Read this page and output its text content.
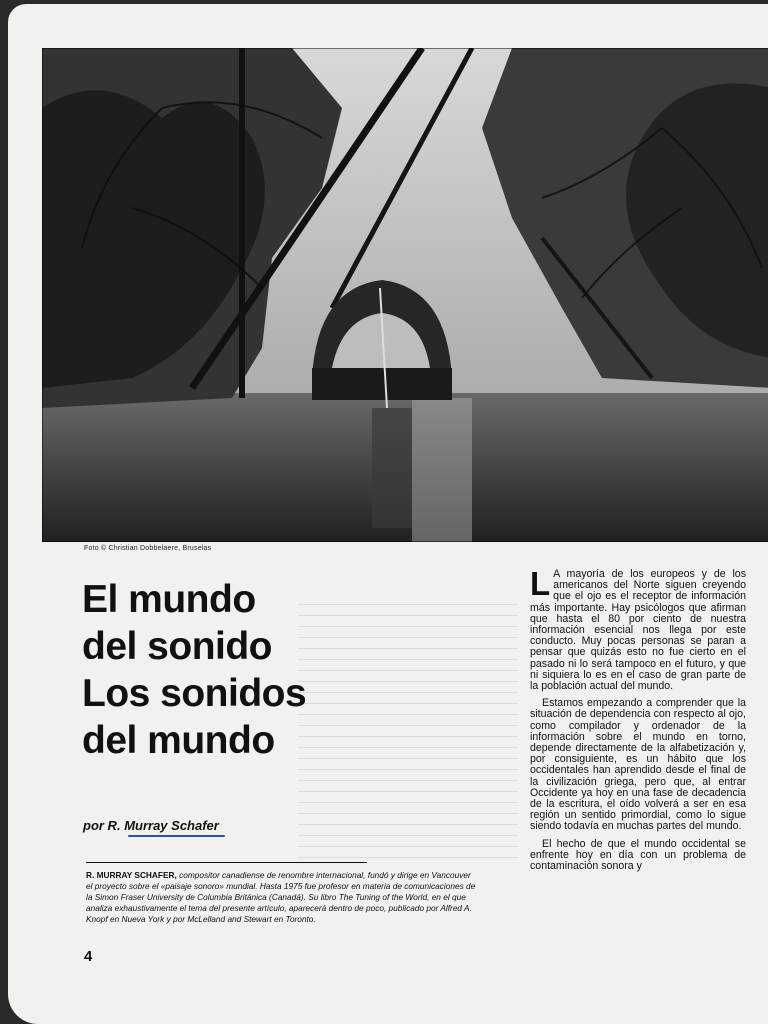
Foto © Christian Dobbelaere, Bruselas
El mundo
del sonido
Los sonidos
del mundo
por R. Murray Schafer
R. MURRAY SCHAFER, compositor canadiense de renombre internacional, fundó y dirige en Vancouver el proyecto sobre el «paisaje sonoro» mundial. Hasta 1975 fue profesor en materia de comunicaciones de la Simon Fraser University de Columbia Británica (Canadá). Su libro The Tuning of the World, en el que analiza exhaustivamente el tema del presente artículo, aparecerá dentro de poco, publicado por Alfred A. Knopf en Nueva York y por McLelland and Stewart en Toronto.
4

L A mayoría de los europeos y de los americanos del Norte siguen creyendo que el ojo es el receptor de información más importante. Hay psicólogos que afirman que hasta el 80 por ciento de nuestra información esencial nos llega por este conducto. Muy pocas personas se paran a pensar que quizás esto no fue cierto en el pasado ni lo será tampoco en el futuro, y que ni siquiera lo es en el caso de gran parte de la población actual del mundo.

Estamos empezando a comprender que la situación de dependencia con respecto al ojo, como compilador y ordenador de la información sobre el mundo en torno, depende directamente de la alfabetización y, por consiguiente, es un hábito que los occidentales han aprendido desde el final de la civilización griega, pero que, al entrar Occidente ya hoy en una fase de decadencia de la escritura, el oído volverá a ser en esa región un sentido primordial, como lo sigue siendo todavía en muchas partes del mundo.

El hecho de que el mundo occidental se enfrente hoy en día con un problema de contaminación sonora y
